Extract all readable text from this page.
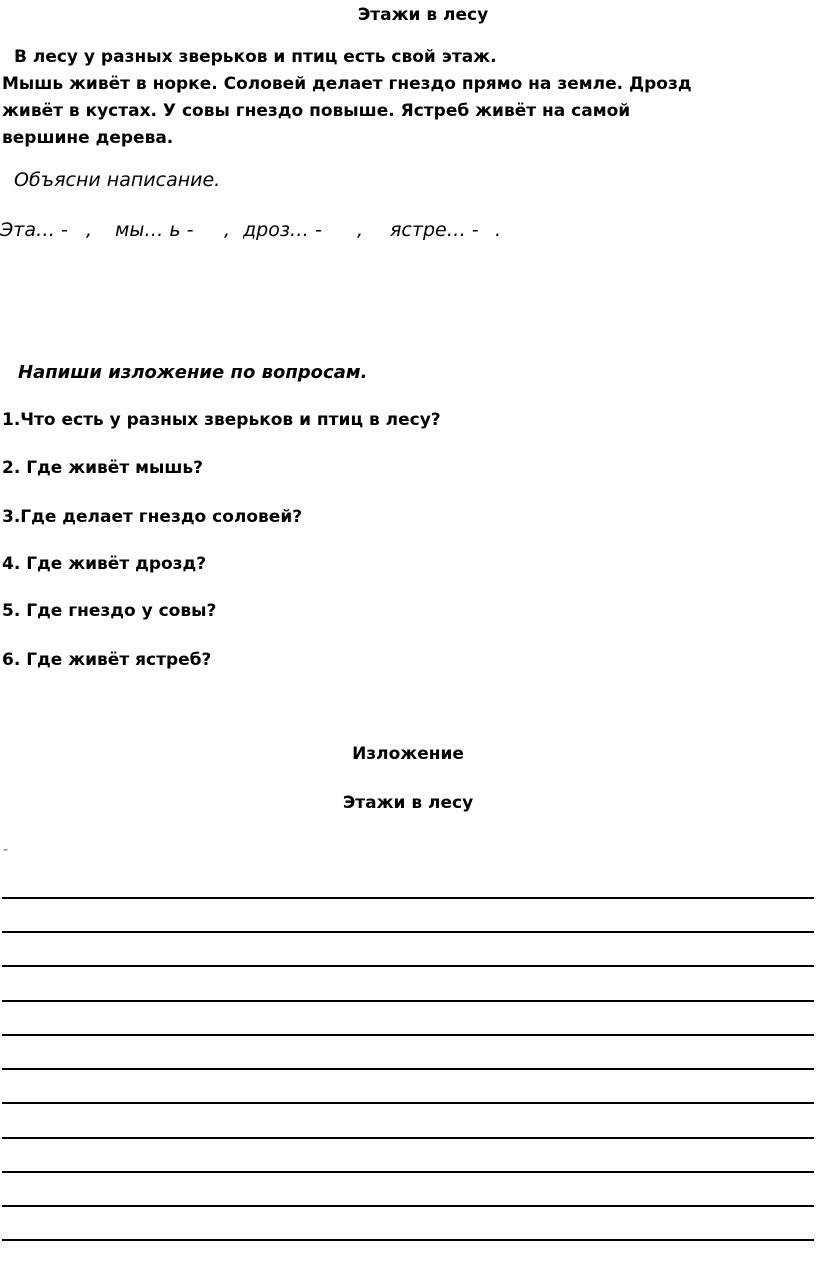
Этажи в лесу
В лесу у разных зверьков и птиц есть свой этаж.
Мышь живёт в норке. Соловей делает гнездо прямо на земле. Дрозд
живёт в кустах. У совы гнездо повыше. Ястреб живёт на самой
вершине дерева.
Объясни написание.
Эта… - , мы… ь - , дроз… - , ястре… - .
Напиши изложение по вопросам.
1.Что есть у разных зверьков и птиц в лесу?
2. Где живёт мышь?
3.Где делает гнездо соловей?
4. Где живёт дрозд?
5. Где гнездо у совы?
6. Где живёт ястреб?
Изложение
Этажи в лесу
-
